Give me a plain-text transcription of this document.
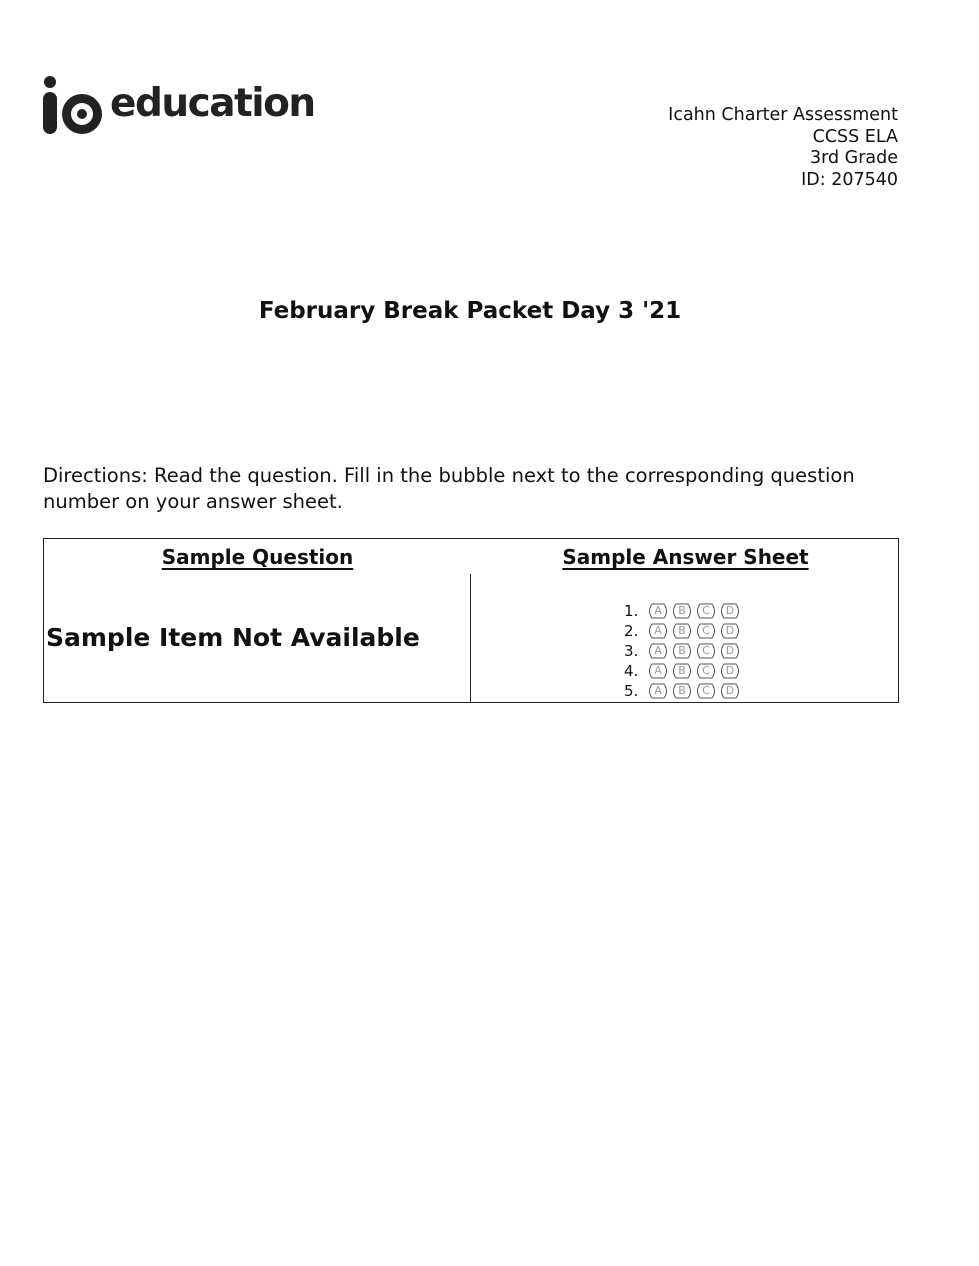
education	Icahn Charter Assessment
CCSS ELA
3rd Grade
ID: 207540
February Break Packet Day 3 '21
Directions: Read the question. Fill in the bubble next to the corresponding question number on your answer sheet.
Sample Question	Sample Answer Sheet
Sample Item Not Available
1.	A	B	C	D
2.	A	B	C	D
3.	A	B	C	D
4.	A	B	C	D
5.	A	B	C	D
